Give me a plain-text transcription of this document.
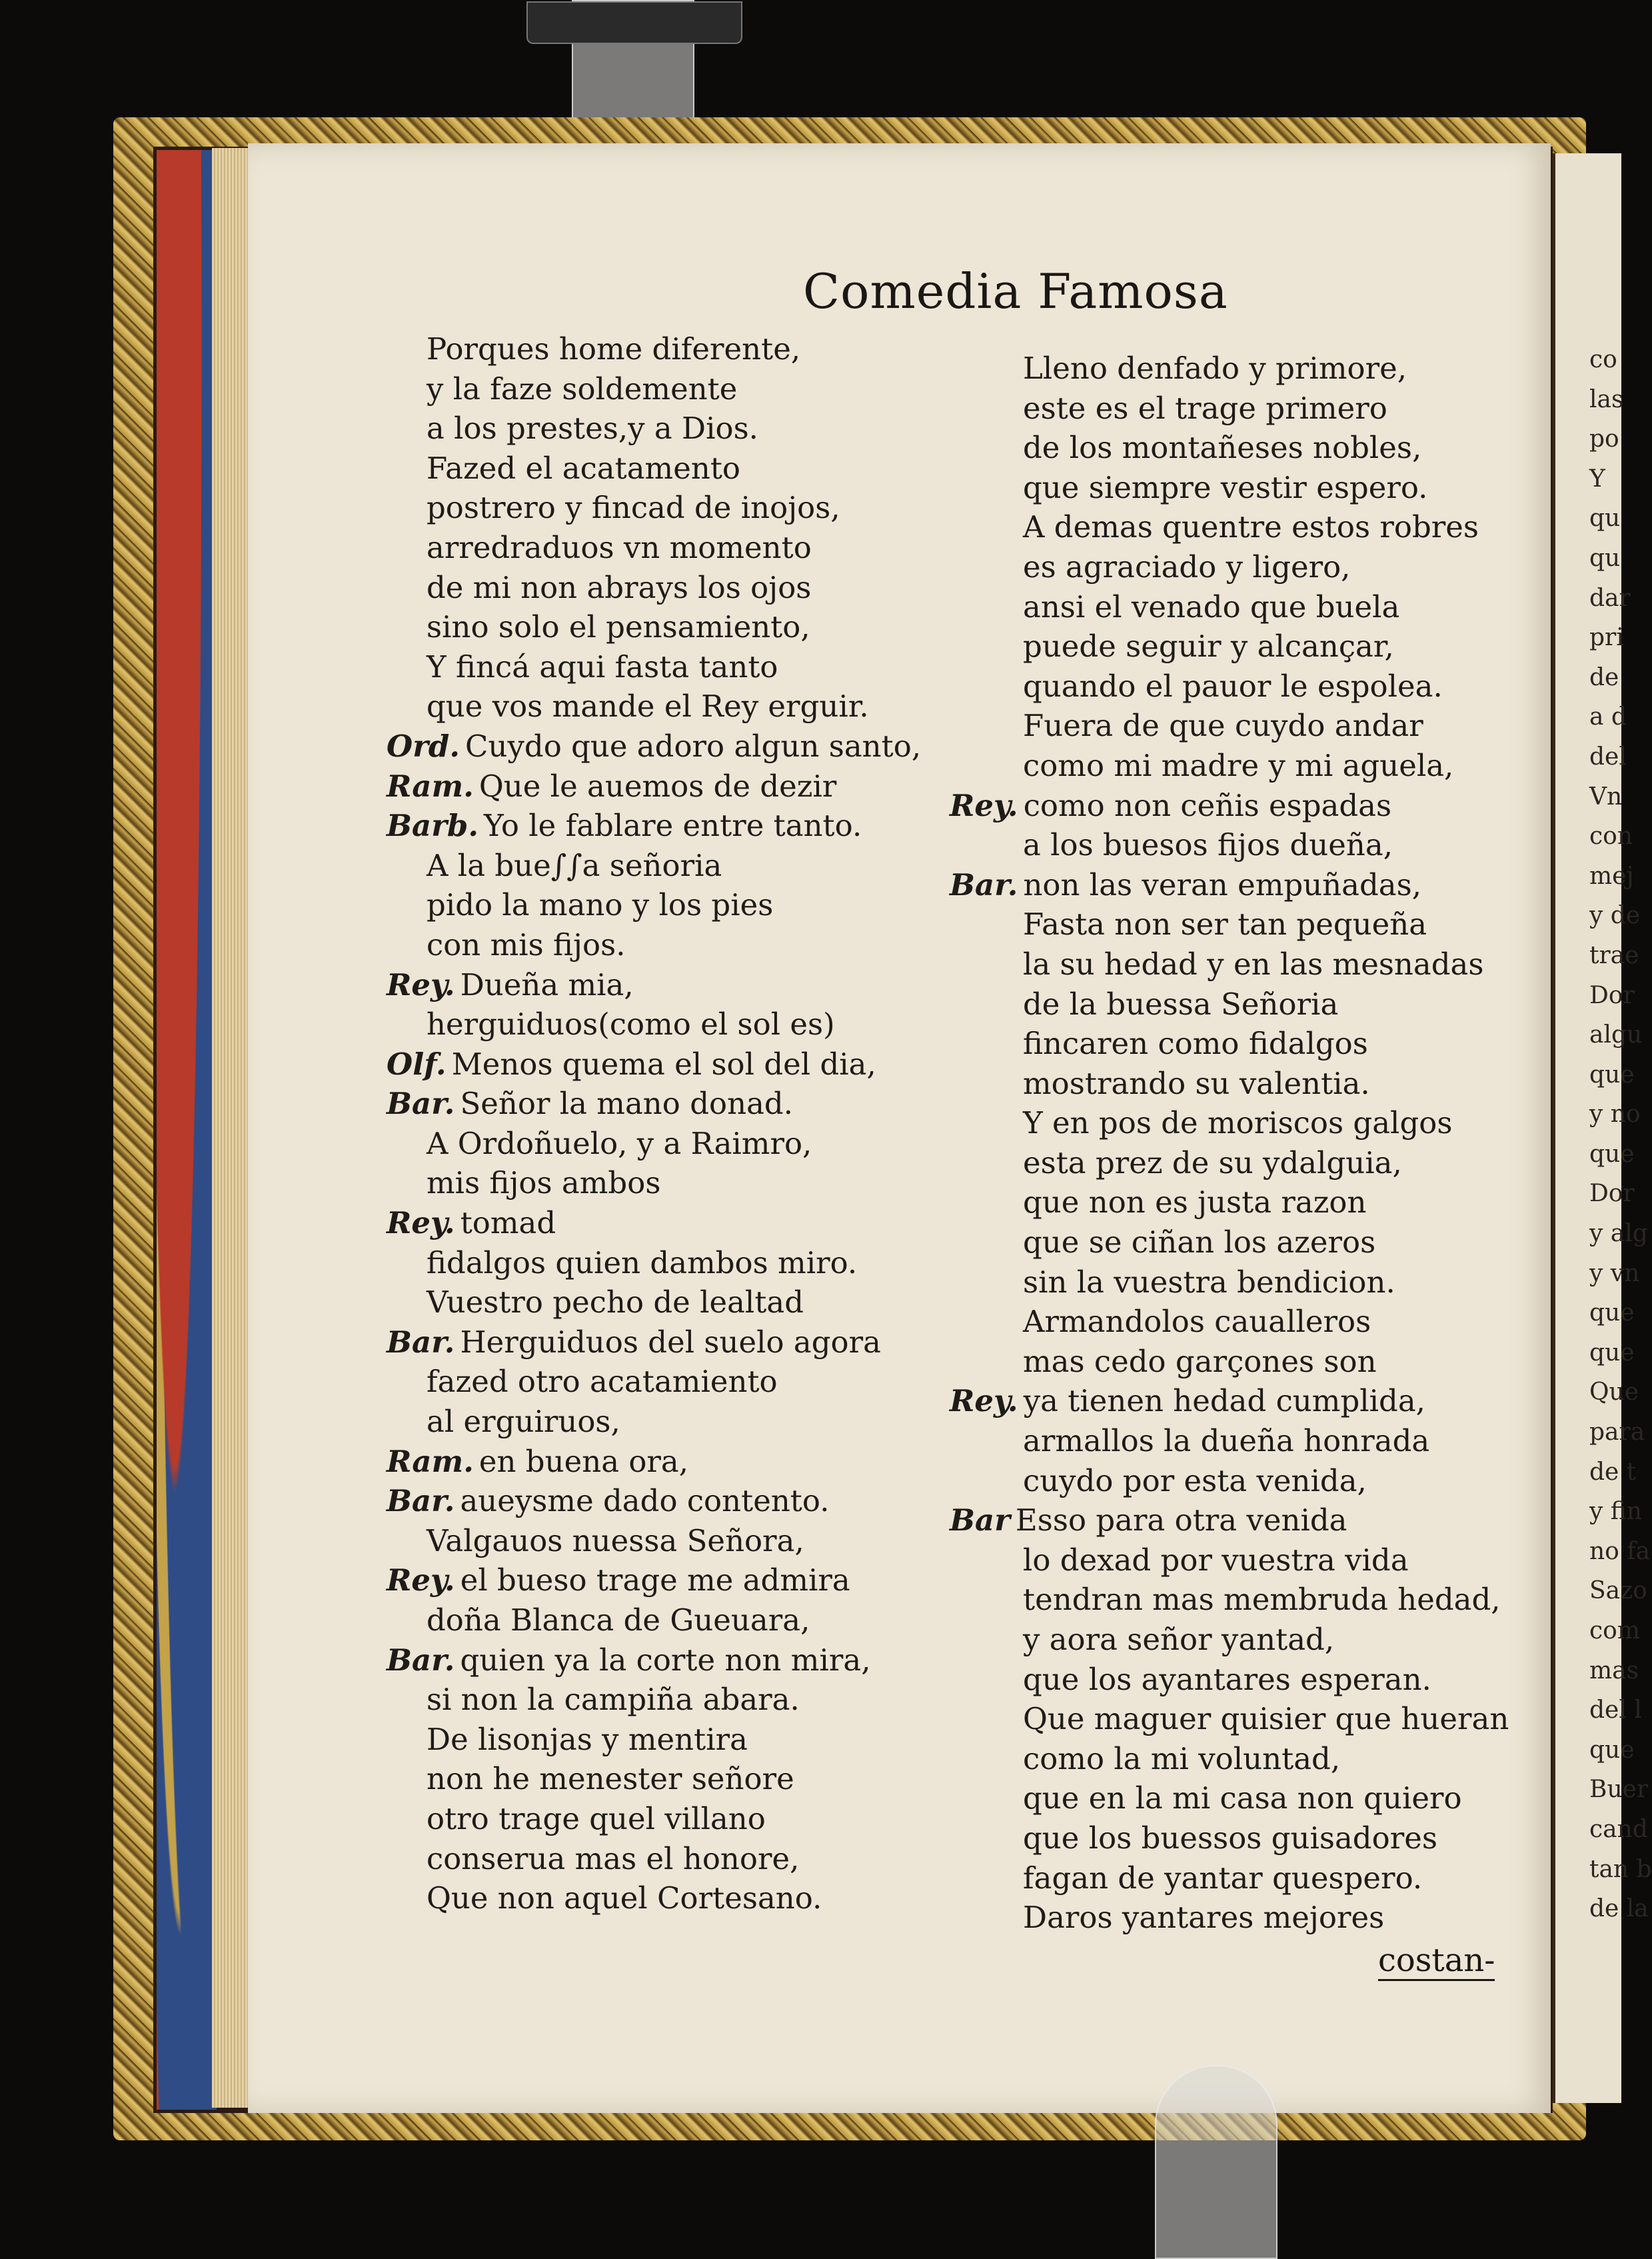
Comedia Famosa
Porques home diferente,
y la faze soldemente
a los prestes,y a Dios.
Fazed el acatamento
postrero y fincad de inojos,
arredraduos vn momento
de mi non abrays los ojos
sino solo el pensamiento,
Y fincá aqui fasta tanto
que vos mande el Rey erguir.
Ord. Cuydo que adoro algun santo,
Ram. Que le auemos de dezir
Barb. Yo le fablare entre tanto.
A la bue∫∫a señoria
pido la mano y los pies
con mis fijos.
Rey. Dueña mia,
herguiduos(como el sol es)
Olf. Menos quema el sol del dia,
Bar. Señor la mano donad.
A Ordoñuelo, y a Raimro,
mis fijos ambos
Rey. tomad
fidalgos quien dambos miro.
Vuestro pecho de lealtad
Bar. Herguiduos del suelo agora
fazed otro acatamiento
al erguiruos,
Ram. en buena ora,
Bar. aueysme dado contento.
Valgauos nuessa Señora,
Rey. el bueso trage me admira
doña Blanca de Gueuara,
Bar. quien ya la corte non mira,
si non la campiña abara.
De lisonjas y mentira
non he menester señore
otro trage quel villano
conserua mas el honore,
Que non aquel Cortesano.
Lleno denfado y primore,
este es el trage primero
de los montañeses nobles,
que siempre vestir espero.
A demas quentre estos robres
es agraciado y ligero,
ansi el venado que buela
puede seguir y alcançar,
quando el pauor le espolea.
Fuera de que cuydo andar
como mi madre y mi aguela,
Rey. como non ceñis espadas
a los buesos fijos dueña,
Bar. non las veran empuñadas,
Fasta non ser tan pequeña
la su hedad y en las mesnadas
de la buessa Señoria
fincaren como fidalgos
mostrando su valentia.
Y en pos de moriscos galgos
esta prez de su ydalguia,
que non es justa razon
que se ciñan los azeros
sin la vuestra bendicion.
Armandolos caualleros
mas cedo garçones son
Rey. ya tienen hedad cumplida,
armallos la dueña honrada
cuydo por esta venida,
Bar Esso para otra venida
lo dexad por vuestra vida
tendran mas membruda hedad,
y aora señor yantad,
que los ayantares esperan.
Que maguer quisier que hueran
como la mi voluntad,
que en la mi casa non quiero
que los buessos guisadores
fagan de yantar quespero.
Daros yantares mejores
costan-
co
las
po
Y
qu
qu
dar
pri
de
a d
del
Vn
con
mej
y de
trae
Dor
algu
que
y no
que
Dor
y alg
y vn
que
que
Que
para
de t
y fin
no fa
Sazo
com
mas
del l
que
Buer
cand
tan b
de la
